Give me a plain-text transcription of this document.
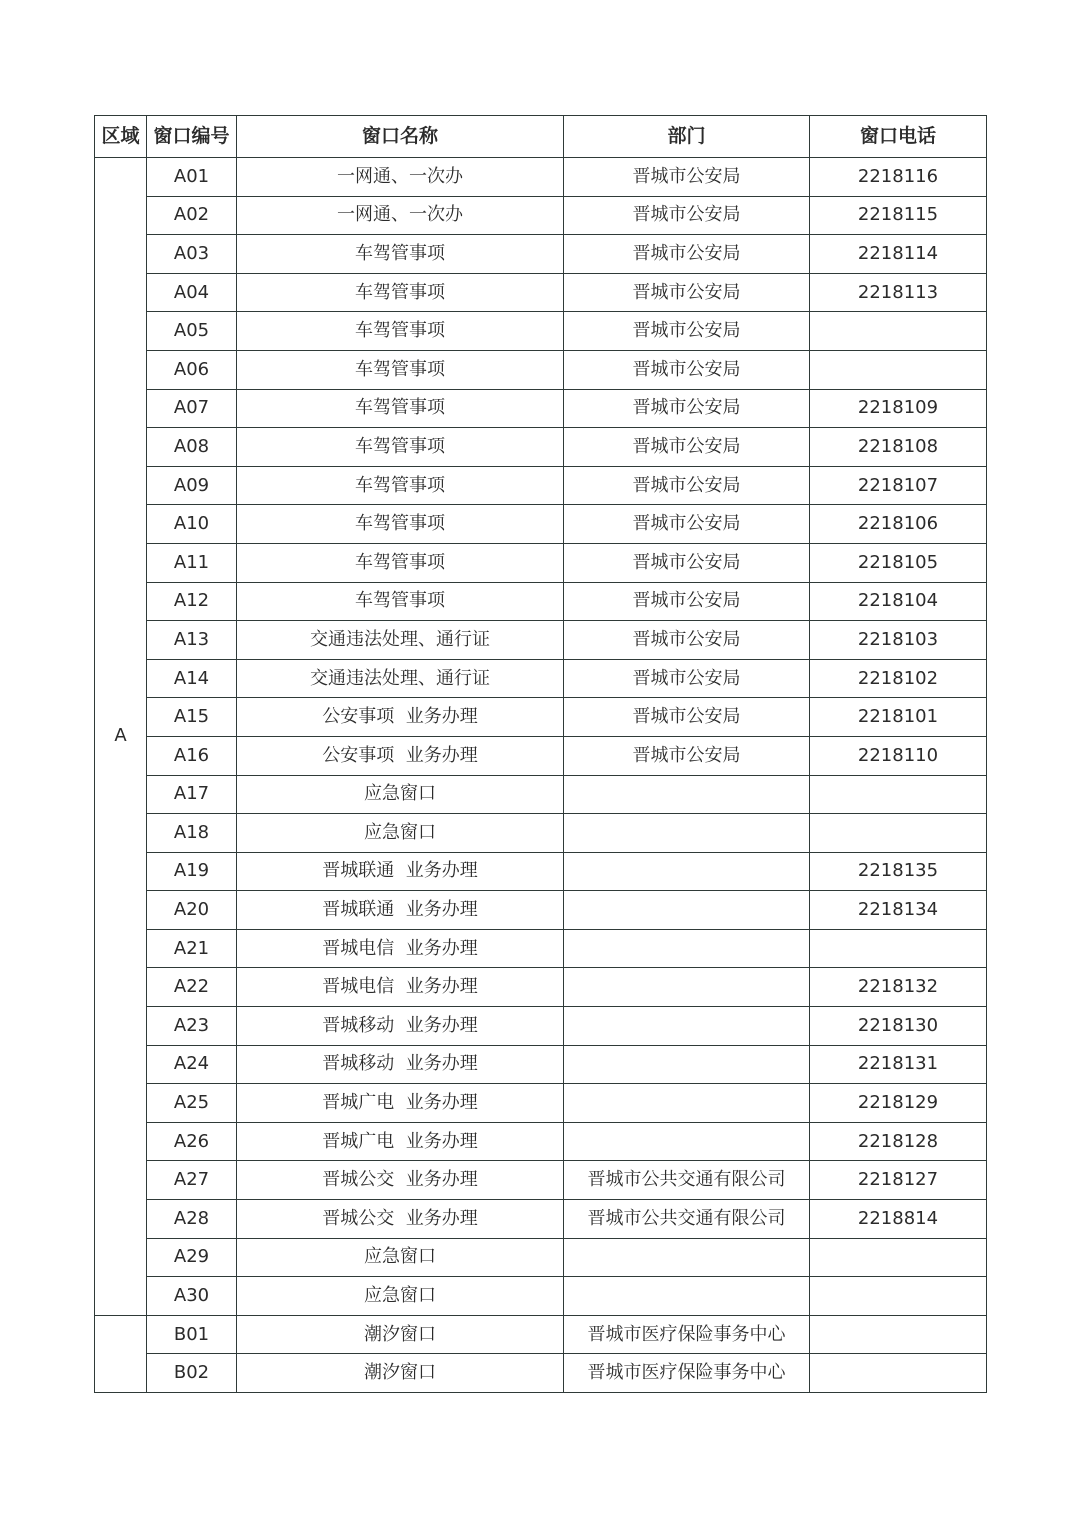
区域	窗口编号	窗口名称	部门	窗口电话
A	A01	一网通、一次办	晋城市公安局	2218116
	A02	一网通、一次办	晋城市公安局	2218115
	A03	车驾管事项	晋城市公安局	2218114
	A04	车驾管事项	晋城市公安局	2218113
	A05	车驾管事项	晋城市公安局	
	A06	车驾管事项	晋城市公安局	
	A07	车驾管事项	晋城市公安局	2218109
	A08	车驾管事项	晋城市公安局	2218108
	A09	车驾管事项	晋城市公安局	2218107
	A10	车驾管事项	晋城市公安局	2218106
	A11	车驾管事项	晋城市公安局	2218105
	A12	车驾管事项	晋城市公安局	2218104
	A13	交通违法处理、通行证	晋城市公安局	2218103
	A14	交通违法处理、通行证	晋城市公安局	2218102
	A15	公安事项  业务办理	晋城市公安局	2218101
	A16	公安事项  业务办理	晋城市公安局	2218110
	A17	应急窗口		
	A18	应急窗口		
	A19	晋城联通  业务办理		2218135
	A20	晋城联通  业务办理		2218134
	A21	晋城电信  业务办理		
	A22	晋城电信  业务办理		2218132
	A23	晋城移动  业务办理		2218130
	A24	晋城移动  业务办理		2218131
	A25	晋城广电  业务办理		2218129
	A26	晋城广电  业务办理		2218128
	A27	晋城公交  业务办理	晋城市公共交通有限公司	2218127
	A28	晋城公交  业务办理	晋城市公共交通有限公司	2218814
	A29	应急窗口		
	A30	应急窗口		
	B01	潮汐窗口	晋城市医疗保险事务中心	
	B02	潮汐窗口	晋城市医疗保险事务中心	
